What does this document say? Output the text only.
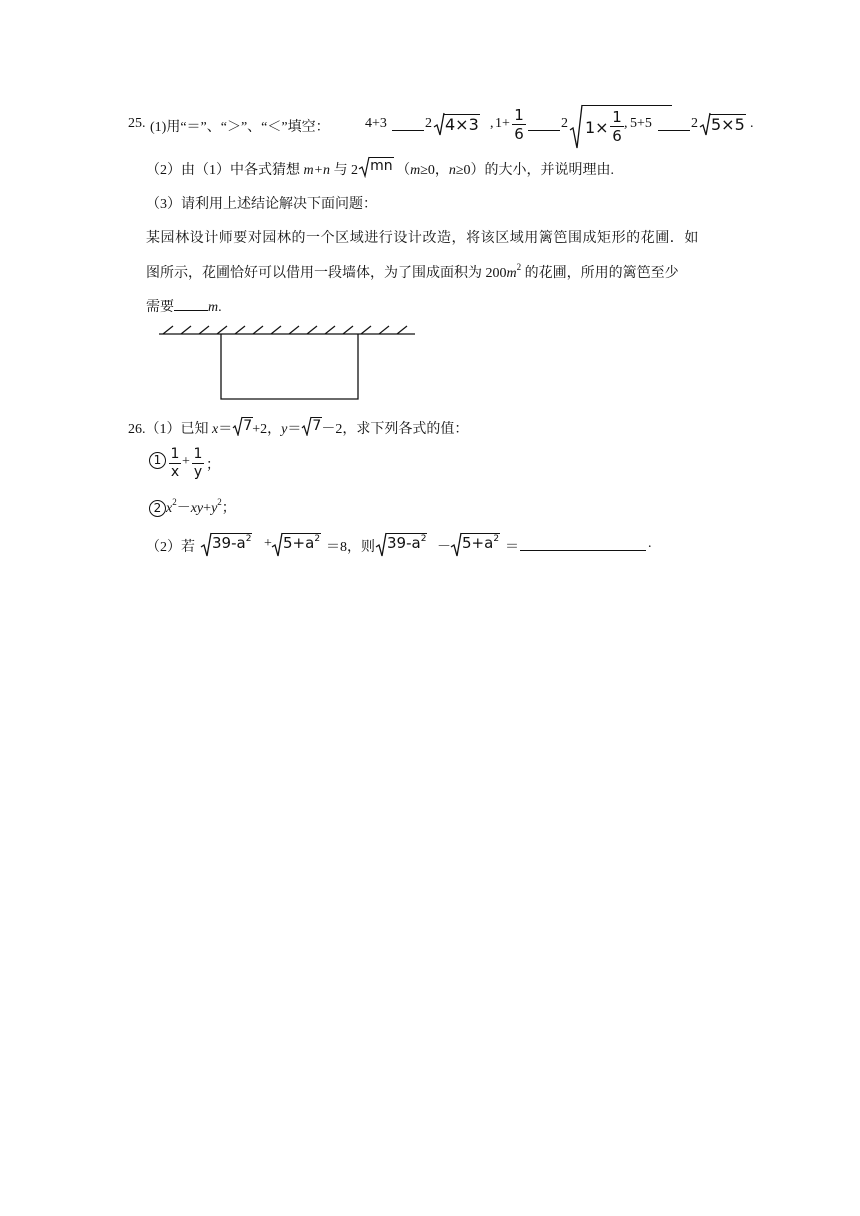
25. (1)用“＝”、“＞”、“＜”填空：	4+3	2 4×3 , $1+ \frac{1}{6}$	2 $1\times \frac{1}{6}$ , 5+5	2 5×5 .
（2）由（1）中各式猜想 m+n 与 2 mn （m≥0，n≥0）的大小，并说明理由.
（3）请利用上述结论解决下面问题：
某园林设计师要对园林的一个区域进行设计改造，将该区域用篱笆围成矩形的花圃．如
图所示，花圃恰好可以借用一段墙体，为了围成面积为 $200m^2$ 的花圃，所用的篱笆至少
需要 m.
26.（1）已知 x＝ 7 +2，y＝ 7 －2，求下列各式的值：
$1 \frac{1}{x} + \frac{1}{y}$ ；
2 $x^2-xy+y^2$；
（2）若 $39-a^2 + 5+a^2$
＝8，则 $39-a^2$
－ $5+a^2$
＝	.
